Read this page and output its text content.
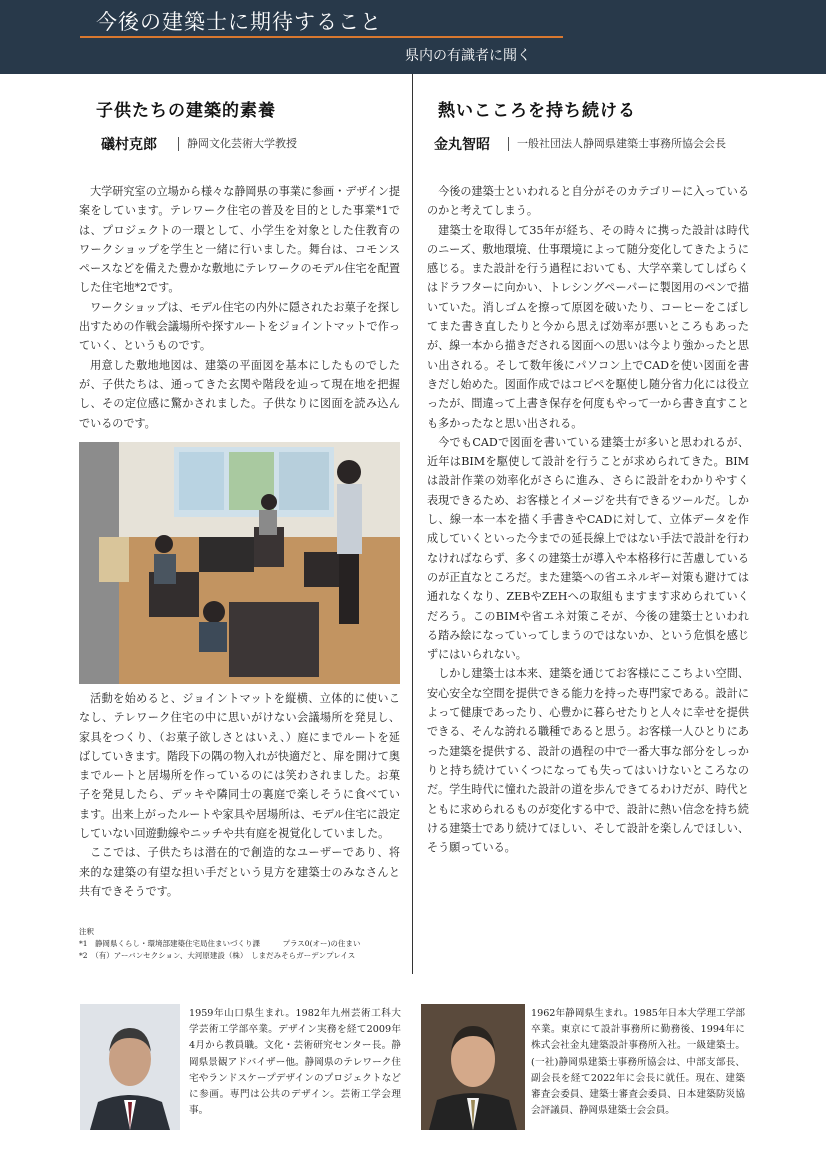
今後の建築士に期待すること
県内の有識者に聞く
子供たちの建築的素養
礒村克郎	静岡文化芸術大学教授

大学研究室の立場から様々な静岡県の事業に参画・デザイン提案をしています。テレワーク住宅の普及を目的とした事業*1では、プロジェクトの一環として、小学生を対象とした住教育のワークショップを学生と一緒に行いました。舞台は、コモンスペースなどを備えた豊かな敷地にテレワークのモデル住宅を配置した住宅地*2です。

ワークショップは、モデル住宅の内外に隠されたお菓子を探し出すための作戦会議場所や探すルートをジョイントマットで作っていく、というものです。

用意した敷地地図は、建築の平面図を基本にしたものでしたが、子供たちは、通ってきた玄関や階段を辿って現在地を把握し、その定位感に驚かされました。子供なりに図面を読み込んでいるのです。

活動を始めると、ジョイントマットを縦横、立体的に使いこなし、テレワーク住宅の中に思いがけない会議場所を発見し、家具をつくり、（お菓子欲しさとはいえ、）庭にまでルートを延ばしていきます。階段下の隅の物入れが快適だと、扉を開けて奥までルートと居場所を作っているのには笑わされました。お菓子を発見したら、デッキや隣同士の裏庭で楽しそうに食べています。出来上がったルートや家具や居場所は、モデル住宅に設定していない回遊動線やニッチや共有庭を視覚化していました。

ここでは、子供たちは潜在的で創造的なユーザーであり、将来的な建築の有望な担い手だという見方を建築士のみなさんと共有できそうです。

注釈
*1　静岡県くらし・環境部建築住宅局住まいづくり課　　　プラス0(オー)の住まい
*2　（有）アーバンセクション、大河原建設（株）　しまだみそらガーデンプレイス
熱いこころを持ち続ける
金丸智昭	一般社団法人静岡県建築士事務所協会会長

今後の建築士といわれると自分がそのカテゴリーに入っているのかと考えてしまう。

建築士を取得して35年が経ち、その時々に携った設計は時代のニーズ、敷地環境、仕事環境によって随分変化してきたように感じる。また設計を行う過程においても、大学卒業してしばらくはドラフターに向かい、トレシングペーパーに製図用のペンで描いていた。消しゴムを擦って原図を破いたり、コーヒーをこぼしてまた書き直したりと今から思えば効率が悪いところもあったが、線一本から描きだされる図面への思いは今より強かったと思い出される。そして数年後にパソコン上でCADを使い図面を書きだし始めた。図面作成ではコピペを駆使し随分省力化には役立ったが、間違って上書き保存を何度もやって一から書き直すことも多かったなと思い出される。

今でもCADで図面を書いている建築士が多いと思われるが、近年はBIMを駆使して設計を行うことが求められてきた。BIMは設計作業の効率化がさらに進み、さらに設計をわかりやすく表現できるため、お客様とイメージを共有できるツールだ。しかし、線一本一本を描く手書きやCADに対して、立体データを作成していくといった今までの延長線上ではない手法で設計を行わなければならず、多くの建築士が導入や本格移行に苦慮しているのが正直なところだ。また建築への省エネルギー対策も避けては通れなくなり、ZEBやZEHへの取組もますます求められていくだろう。このBIMや省エネ対策こそが、今後の建築士といわれる踏み絵になっていってしまうのではないか、という危惧を感じずにはいられない。

しかし建築士は本来、建築を通じてお客様にここちよい空間、安心安全な空間を提供できる能力を持った専門家である。設計によって健康であったり、心豊かに暮らせたりと人々に幸せを提供できる、そんな誇れる職種であると思う。お客様一人ひとりにあった建築を提供する、設計の過程の中で一番大事な部分をしっかりと持ち続けていくつになっても失ってはいけないところなのだ。学生時代に憧れた設計の道を歩んできてるわけだが、時代とともに求められるものが変化する中で、設計に熱い信念を持ち続ける建築士であり続けてほしい、そして設計を楽しんでほしい、そう願っている。

1959年山口県生まれ。1982年九州芸術工科大学芸術工学部卒業。デザイン実務を経て2009年4月から教員職。文化・芸術研究センター長。静岡県景観アドバイザー他。静岡県のテレワーク住宅やランドスケープデザインのプロジェクトなどに参画。専門は公共のデザイン。芸術工学会理事。
1962年静岡県生まれ。1985年日本大学理工学部卒業。東京にて設計事務所に勤務後、1994年に株式会社金丸建築設計事務所入社。一級建築士。(一社)静岡県建築士事務所協会は、中部支部長、副会長を経て2022年に会長に就任。現在、建築審査会委員、建築士審査会委員、日本建築防災協会評議員、静岡県建築士会会員。
